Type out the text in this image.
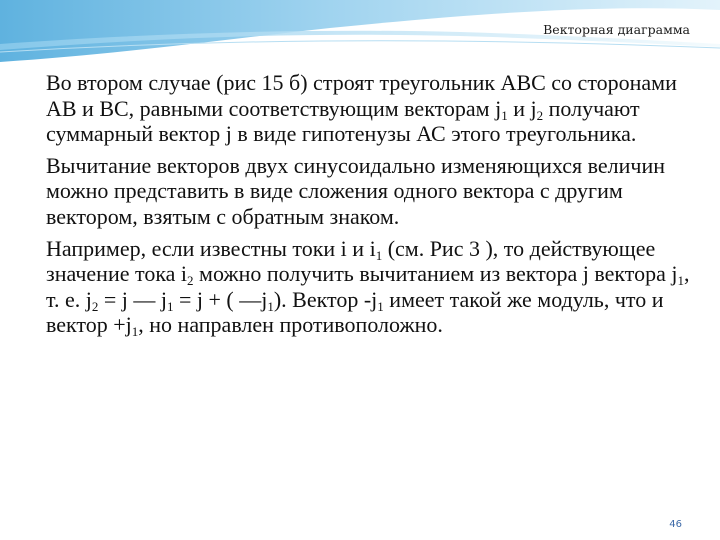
Векторная диаграмма

Во втором случае (рис 15 б) строят треугольник АВС со сторонами АВ и ВС, равными соответствующим векторам $j_1$ и $j_2$ получают суммарный вектор j в виде гипотенузы АС этого треугольника.

Вычитание векторов двух синусоидально изменяющихся величин можно представить в виде сложения одного вектора с другим вектором, взятым с обратным знаком.

Например, если известны токи i и $i_1$ (см. Рис 3 ), то действующее значение тока $i_2$ можно получить вычитанием из вектора j вектора $j_1$, т. е. $j_2 = j$ — $j_1 = j$ + ( $—j_1$). Вектор $-j_1$ имеет такой же модуль, что и вектор $+j_1$, но направлен противоположно.

46
